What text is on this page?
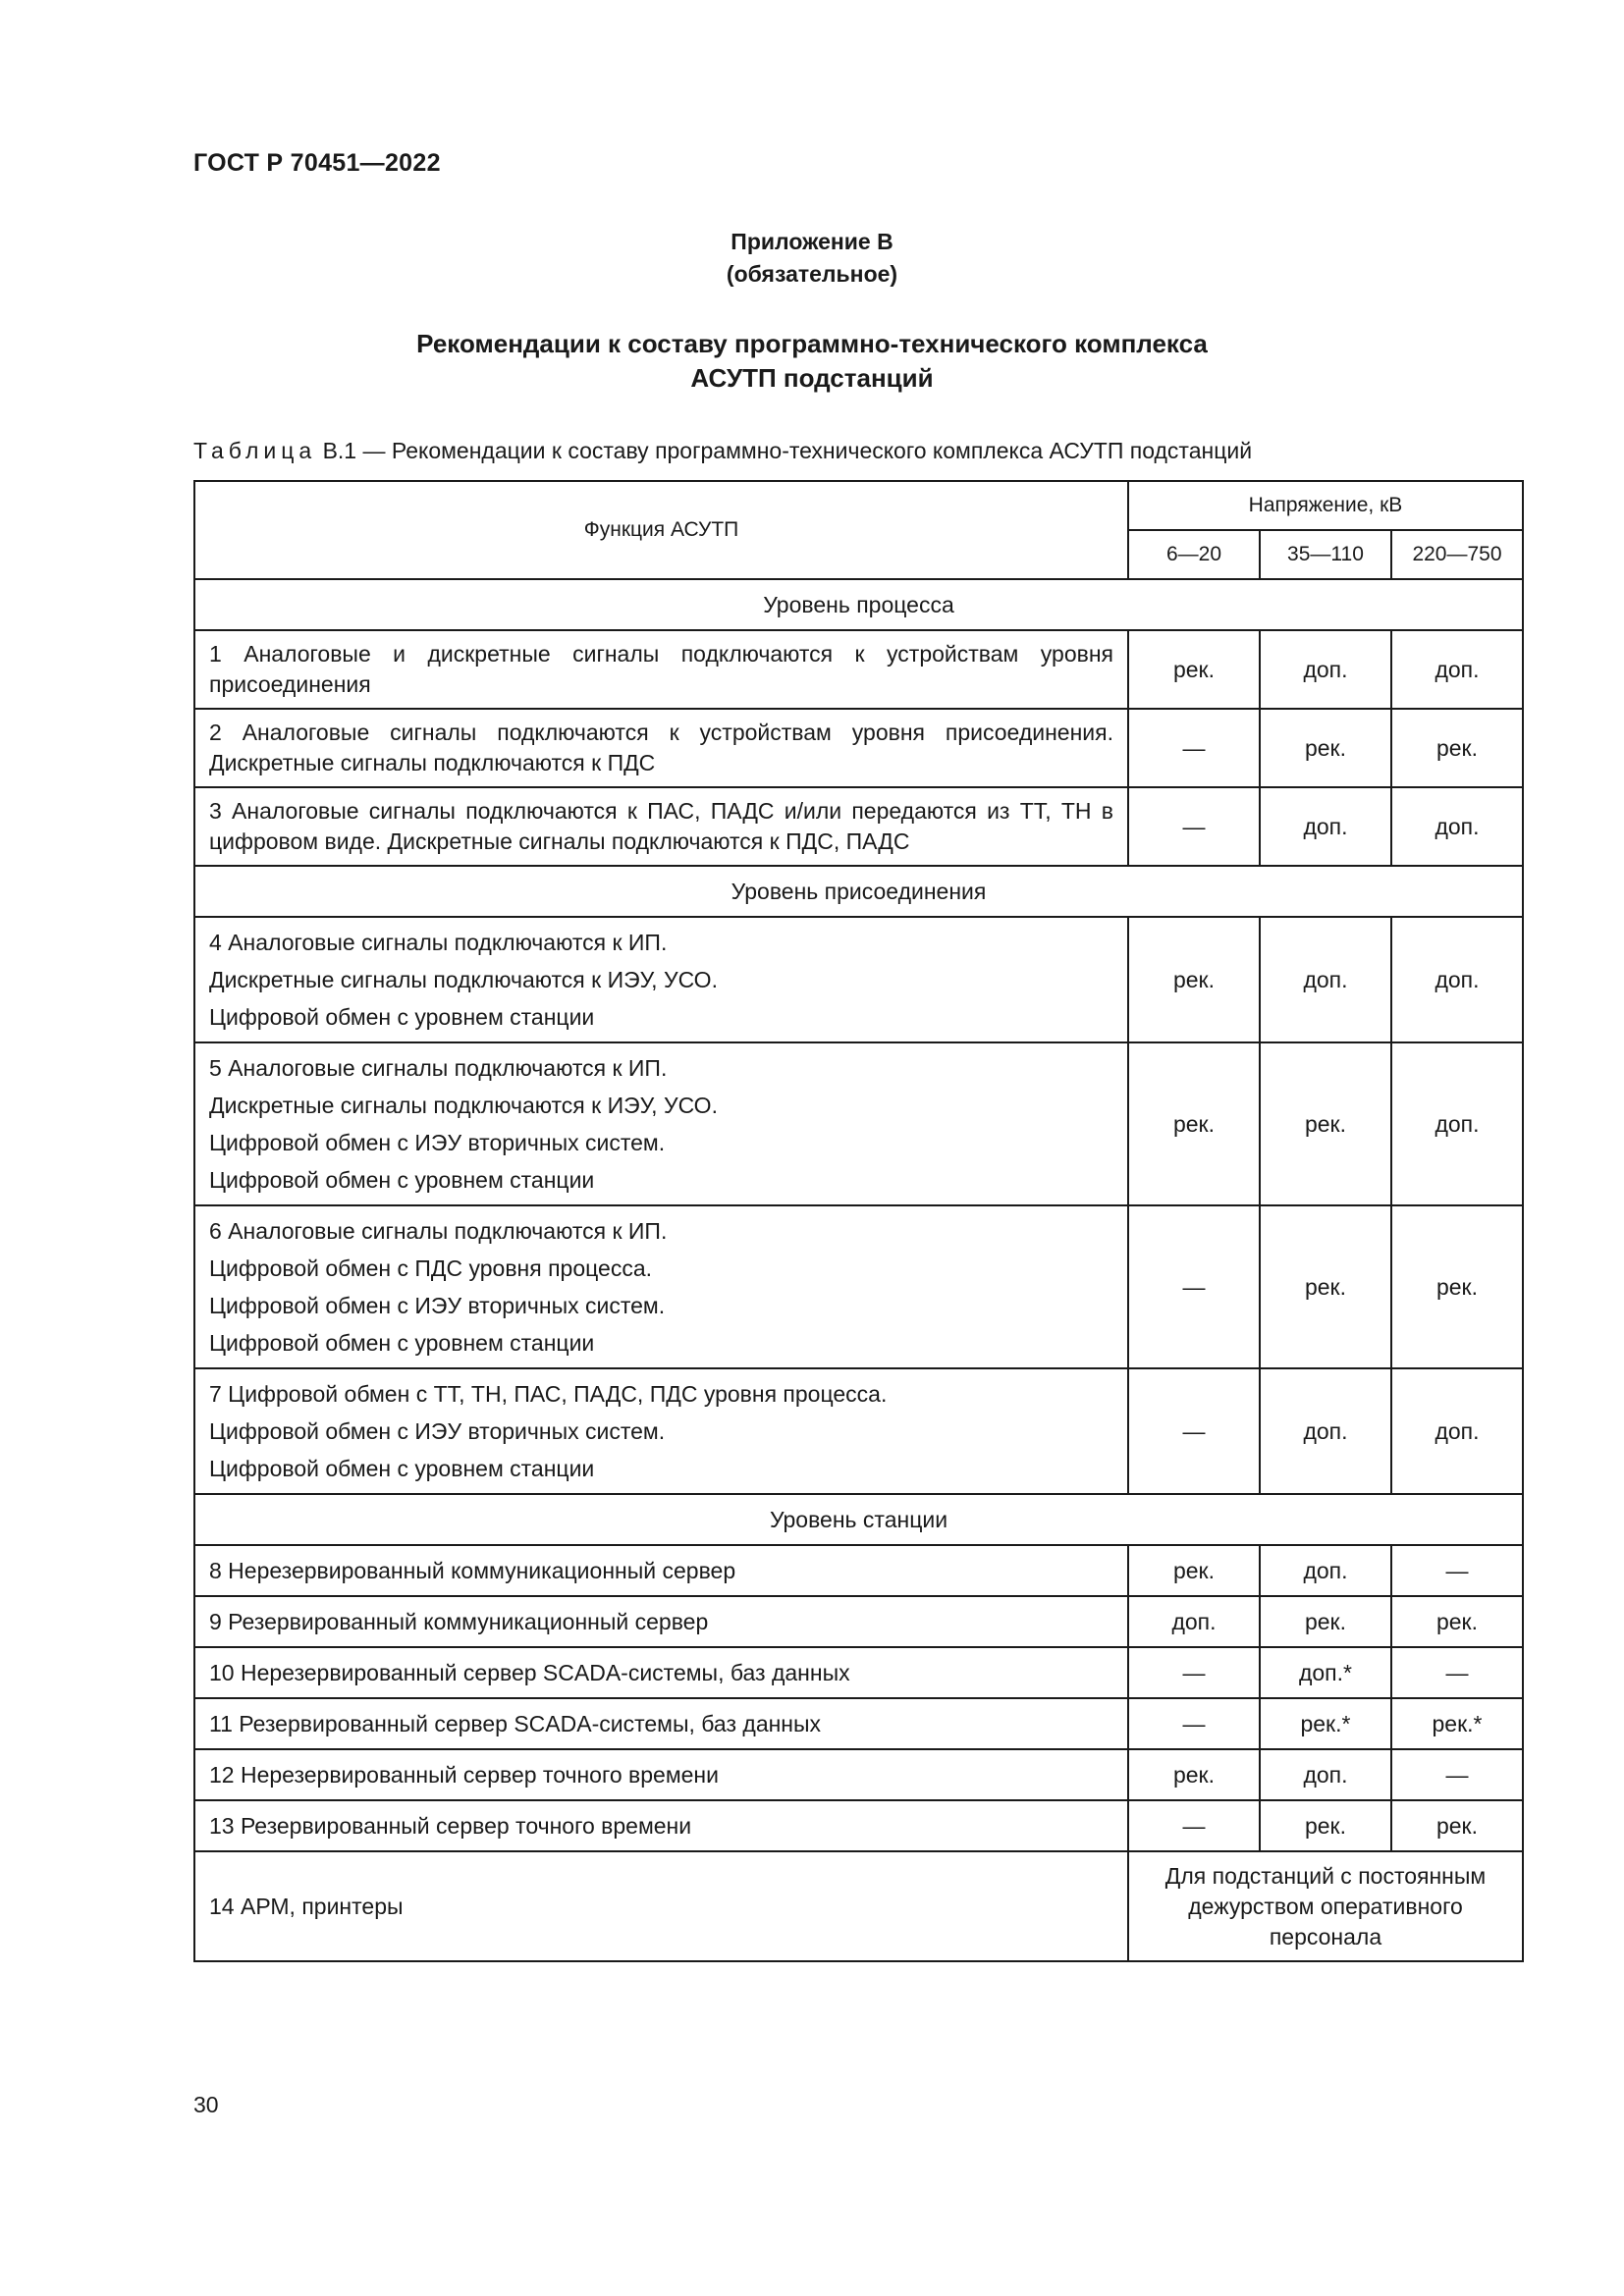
ГОСТ Р 70451—2022
Приложение В
(обязательное)
Рекомендации к составу программно-технического комплекса
АСУТП подстанций
Таблица В.1 — Рекомендации к составу программно-технического комплекса АСУТП подстанций
Функция АСУТП	Напряжение, кВ		
	6—20	35—110	220—750
Уровень процесса			
1 Аналоговые и дискретные сигналы подключаются к устройствам уровня присоединения	рек.	доп.	доп.
2 Аналоговые сигналы подключаются к устройствам уровня присоединения. Дискретные сигналы подключаются к ПДС	—	рек.	рек.
3 Аналоговые сигналы подключаются к ПАС, ПАДС и/или передаются из ТТ, ТН в цифровом виде. Дискретные сигналы подключаются к ПДС, ПАДС	—	доп.	доп.
Уровень присоединения			

4 Аналоговые сигналы подключаются к ИП.
Дискретные сигналы подключаются к ИЭУ, УСО.
Цифровой обмен с уровнем станции	рек.	доп.	доп.

5 Аналоговые сигналы подключаются к ИП.
Дискретные сигналы подключаются к ИЭУ, УСО.
Цифровой обмен с ИЭУ вторичных систем.
Цифровой обмен с уровнем станции	рек.	рек.	доп.

6 Аналоговые сигналы подключаются к ИП.
Цифровой обмен с ПДС уровня процесса.
Цифровой обмен с ИЭУ вторичных систем.
Цифровой обмен с уровнем станции	—	рек.	рек.

7 Цифровой обмен с ТТ, ТН, ПАС, ПАДС, ПДС уровня процесса.
Цифровой обмен с ИЭУ вторичных систем.
Цифровой обмен с уровнем станции	—	доп.	доп.
Уровень станции			
8 Нерезервированный коммуникационный сервер	рек.	доп.	—
9 Резервированный коммуникационный сервер	доп.	рек.	рек.
10 Нерезервированный сервер SCADA-системы, баз данных	—	доп.*	—
11 Резервированный сервер SCADA-системы, баз данных	—	рек.*	рек.*
12 Нерезервированный сервер точного времени	рек.	доп.	—
13 Резервированный сервер точного времени	—	рек.	рек.
14 АРМ, принтеры	Для подстанций с постоянным дежурством оперативного персонала		
30
